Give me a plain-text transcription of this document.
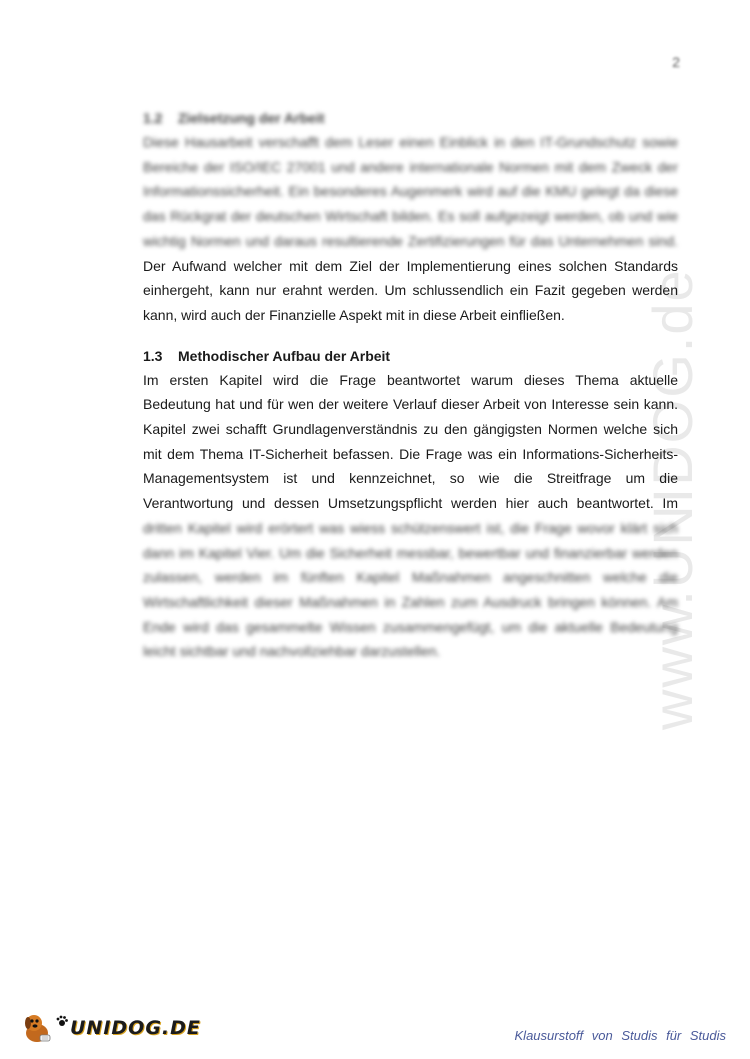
2
www.UNIDOG.de
1.2 Zielsetzung der Arbeit
Diese Hausarbeit verschafft dem Leser einen Einblick in den IT-Grundschutz sowie
Bereiche der ISO/IEC 27001 und andere internationale Normen mit dem Zweck der
Informationssicherheit. Ein besonderes Augenmerk wird auf die KMU gelegt da diese
das Rückgrat der deutschen Wirtschaft bilden. Es soll aufgezeigt werden, ob und wie
wichtig Normen und daraus resultierende Zertifizierungen für das Unternehmen sind.
Der Aufwand welcher mit dem Ziel der Implementierung eines solchen Standards
einhergeht, kann nur erahnt werden. Um schlussendlich ein Fazit gegeben werden
kann, wird auch der Finanzielle Aspekt mit in diese Arbeit einfließen.
1.3 Methodischer Aufbau der Arbeit
Im ersten Kapitel wird die Frage beantwortet warum dieses Thema aktuelle
Bedeutung hat und für wen der weitere Verlauf dieser Arbeit von Interesse sein kann.
Kapitel zwei schafft Grundlagenverständnis zu den gängigsten Normen welche sich
mit dem Thema IT-Sicherheit befassen. Die Frage was ein Informations-Sicherheits-
Managementsystem ist und kennzeichnet, so wie die Streitfrage um die
Verantwortung und dessen Umsetzungspflicht werden hier auch beantwortet. Im
dritten Kapitel wird erörtert was wiess schützenswert ist, die Frage wovor klärt sich
dann im Kapitel Vier. Um die Sicherheit messbar, bewertbar und finanzierbar werden
zulassen, werden im fünften Kapitel Maßnahmen angeschnitten welche die
Wirtschaftlichkeit dieser Maßnahmen in Zahlen zum Ausdruck bringen können. Am
Ende wird das gesammelte Wissen zusammengefügt, um die aktuelle Bedeutung
leicht sichtbar und nachvollziehbar darzustellen.
UNIDOG.DE	Klausurstoff von Studis für Studis
